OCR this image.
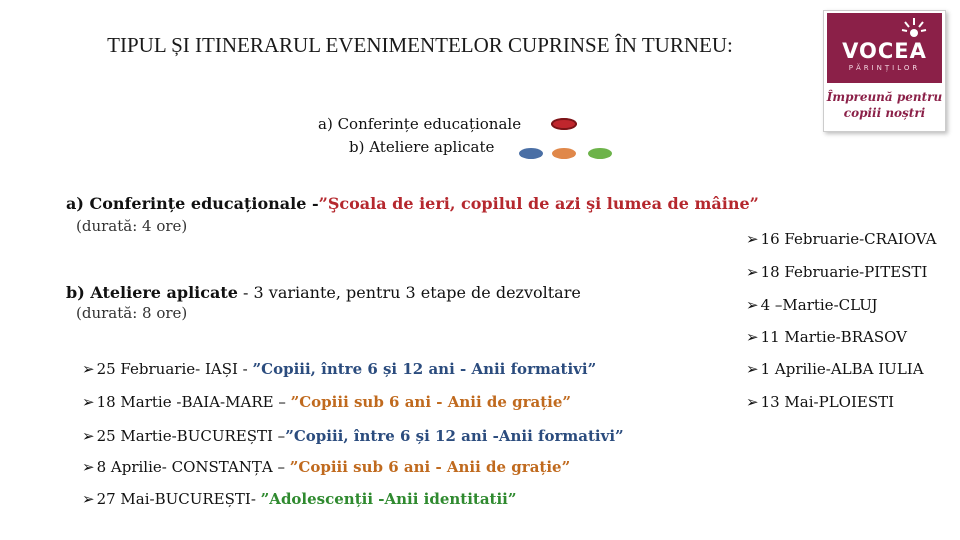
TIPUL ȘI ITINERARUL EVENIMENTELOR CUPRINSE ÎN TURNEU:
a) Conferințe educaționale
b) Ateliere aplicate
a) Conferințe educaționale -”Şcoala de ieri, copilul de azi şi lumea de mâine”
(durată: 4 ore)
b) Ateliere aplicate - 3 variante, pentru 3 etape de dezvoltare
(durată: 8 ore)
➢ 25 Februarie- IAȘI - ”Copiii, între 6 și 12 ani - Anii formativi”
➢ 18 Martie -BAIA-MARE – ”Copiii sub 6 ani - Anii de grație”
➢ 25 Martie-BUCUREȘTI –”Copiii, între 6 și 12 ani -Anii formativi”
➢ 8 Aprilie- CONSTANȚA – ”Copiii sub 6 ani - Anii de grație”
➢ 27 Mai-BUCUREȘTI- ”Adolescenții -Anii identitatii”
➢ 16 Februarie-CRAIOVA
➢ 18 Februarie-PITESTI
➢ 4 –Martie-CLUJ
➢ 11 Martie-BRASOV
➢ 1 Aprilie-ALBA IULIA
➢ 13 Mai-PLOIESTI
VOCEA
PĂRINȚILOR
Împreună pentru
copiii noștri
